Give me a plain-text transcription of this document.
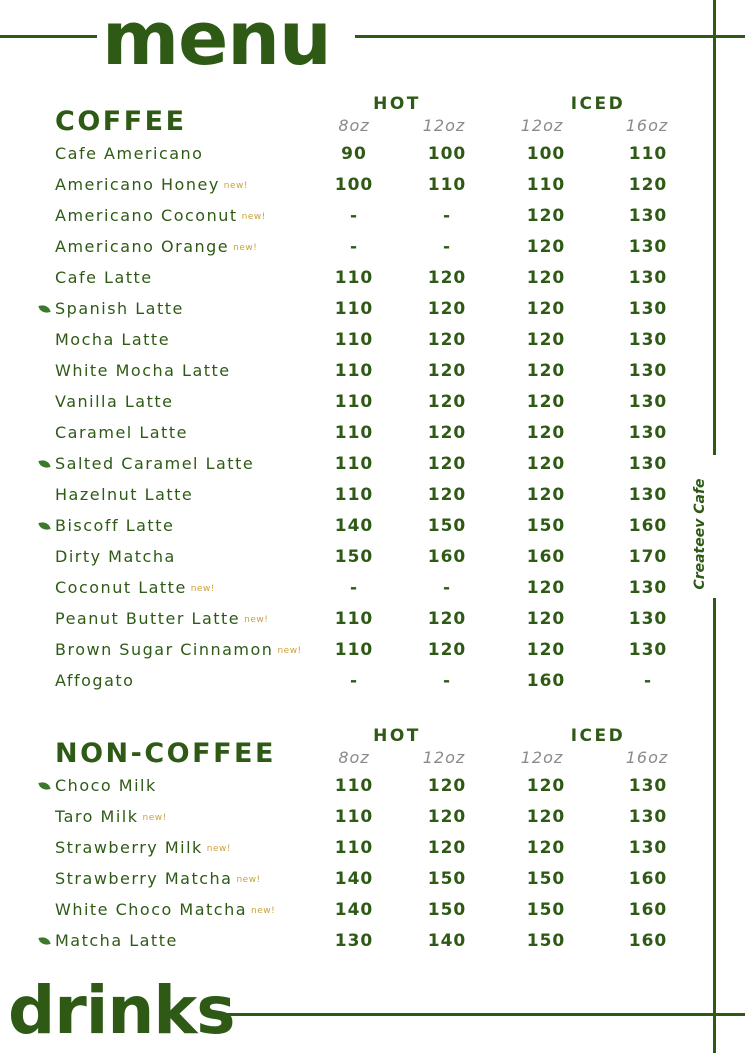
menu
drinks
Createev Cafe
COFFEE
HOT	ICED
8oz	12oz	12oz	16oz
Cafe Americano	90	100	100	110
Americano Honey new!	100	110	110	120
Americano Coconut new!	-	-	120	130
Americano Orange new!	-	-	120	130
Cafe Latte	110	120	120	130
Spanish Latte	110	120	120	130
Mocha Latte	110	120	120	130
White Mocha Latte	110	120	120	130
Vanilla Latte	110	120	120	130
Caramel Latte	110	120	120	130
Salted Caramel Latte	110	120	120	130
Hazelnut Latte	110	120	120	130
Biscoff Latte	140	150	150	160
Dirty Matcha	150	160	160	170
Coconut Latte new!	-	-	120	130
Peanut Butter Latte new!	110	120	120	130
Brown Sugar Cinnamon new!	110	120	120	130
Affogato	-	-	160	-
NON-COFFEE
HOT	ICED
8oz	12oz	12oz	16oz
Choco Milk	110	120	120	130
Taro Milk new!	110	120	120	130
Strawberry Milk new!	110	120	120	130
Strawberry Matcha new!	140	150	150	160
White Choco Matcha new!	140	150	150	160
Matcha Latte	130	140	150	160
